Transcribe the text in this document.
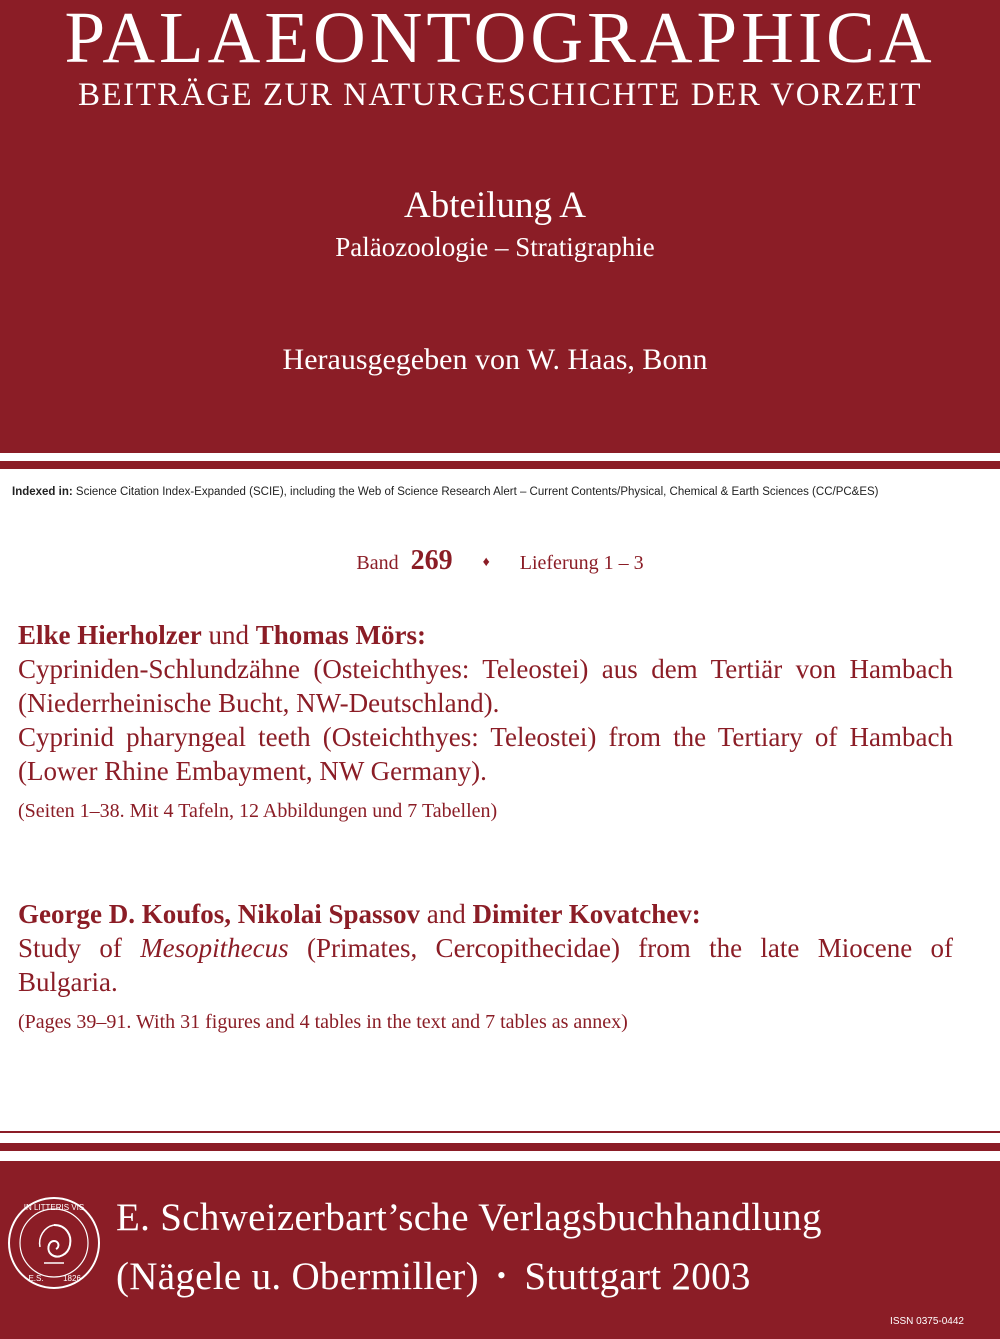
PALAEONTOGRAPHICA
BEITRÄGE ZUR NATURGESCHICHTE DER VORZEIT
Abteilung A
Paläozoologie – Stratigraphie
Herausgegeben von W. Haas, Bonn
Indexed in: Science Citation Index-Expanded (SCIE), including the Web of Science Research Alert – Current Contents/Physical, Chemical & Earth Sciences (CC/PC&ES)
Band 269 ♦ Lieferung 1 – 3
Elke Hierholzer und Thomas Mörs:
Cypriniden-Schlundzähne (Osteichthyes: Teleostei) aus dem Tertiär von Hambach (Niederrheinische Bucht, NW-Deutschland).
Cyprinid pharyngeal teeth (Osteichthyes: Teleostei) from the Tertiary of Hambach (Lower Rhine Embayment, NW Germany).
(Seiten 1–38. Mit 4 Tafeln, 12 Abbildungen und 7 Tabellen)
George D. Koufos, Nikolai Spassov and Dimiter Kovatchev:
Study of Mesopithecus (Primates, Cercopithecidae) from the late Miocene of Bulgaria.
(Pages 39–91. With 31 figures and 4 tables in the text and 7 tables as annex)
IN LITTERIS VIS
E.S. 1826
E. Schweizerbart’sche Verlagsbuchhandlung
(Nägele u. Obermiller) • Stuttgart 2003
ISSN 0375-0442
